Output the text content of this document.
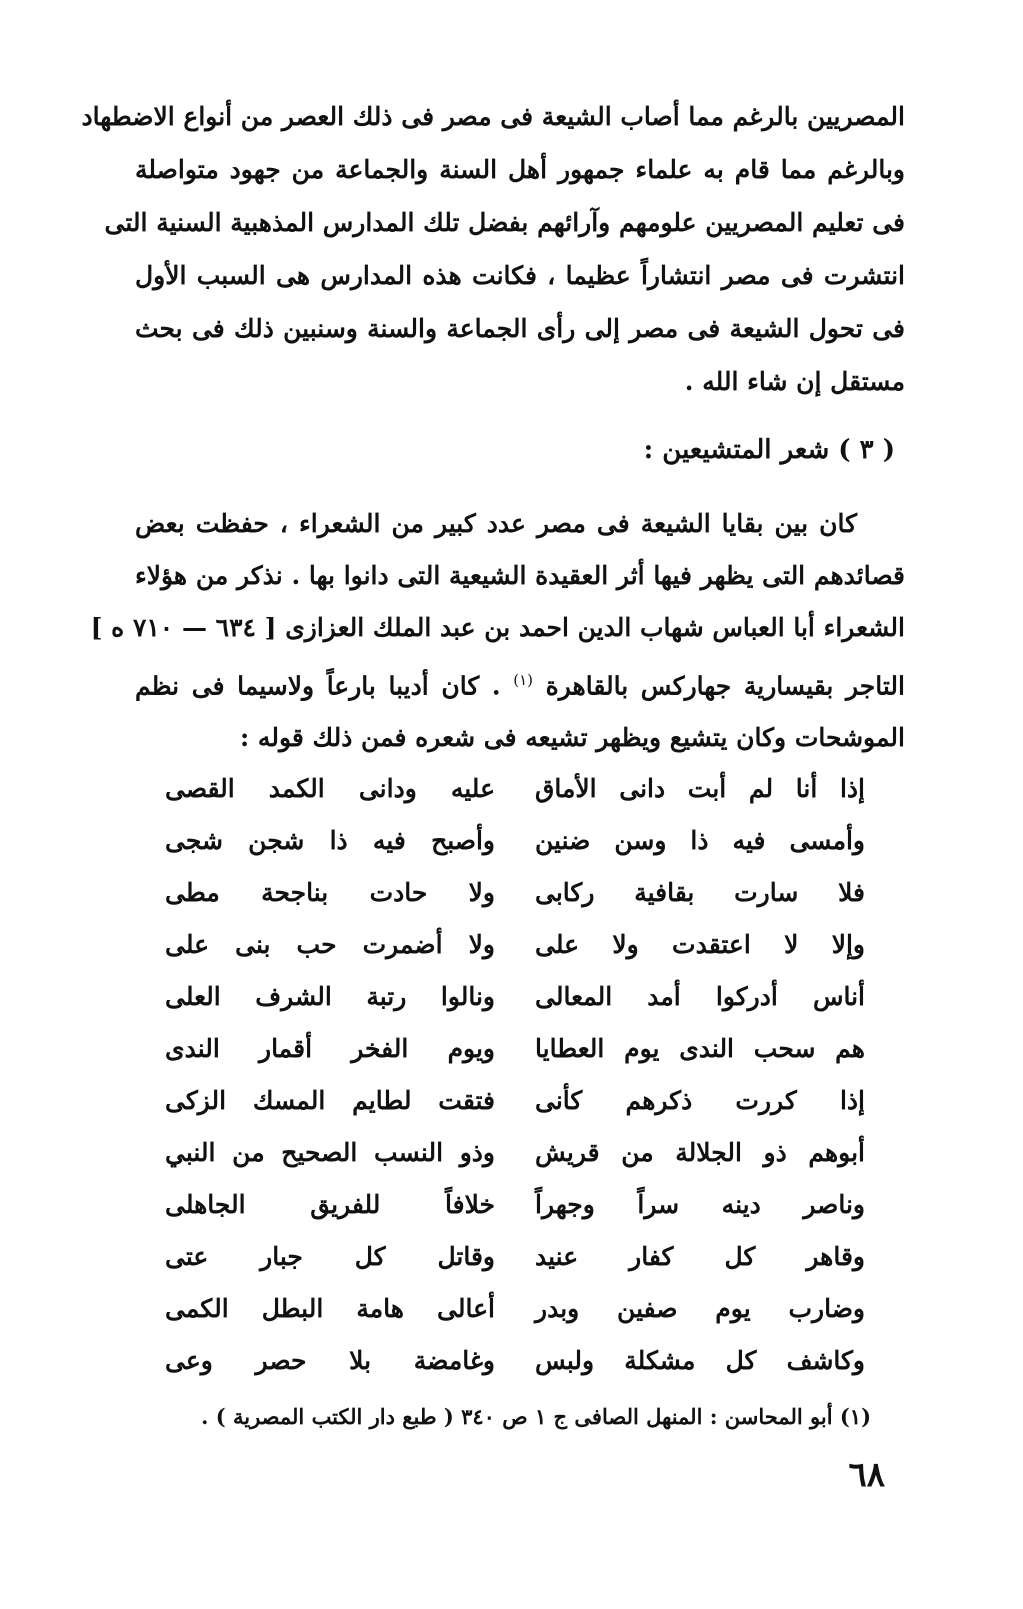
المصريين بالرغم مما أصاب الشيعة فى مصر فى ذلك العصر من أنواع الاضطهاد
وبالرغم مما قام به علماء جمهور أهل السنة والجماعة من جهود متواصلة
فى تعليم المصريين علومهم وآرائهم بفضل تلك المدارس المذهبية السنية التى
انتشرت فى مصر انتشاراً عظيما ، فكانت هذه المدارس هى السبب الأول
فى تحول الشيعة فى مصر إلى رأى الجماعة والسنة وسنبين ذلك فى بحث
مستقل إن شاء الله .
( ٣ ) شعر المتشيعين :
كان بين بقايا الشيعة فى مصر عدد كبير من الشعراء ، حفظت بعض
قصائدهم التى يظهر فيها أثر العقيدة الشيعية التى دانوا بها . نذكر من هؤلاء
الشعراء أبا العباس شهاب الدين احمد بن عبد الملك العزازى [ ٦٣٤ — ٧١٠ ه ]
التاجر بقيسارية جهاركس بالقاهرة $^{(١)}$ . كان أديبا بارعاً ولاسيما فى نظم
الموشحات وكان يتشيع ويظهر تشيعه فى شعره فمن ذلك قوله :
إذا أنا لم أبت دانى الأماق
عليه ودانى الكمد القصى
وأمسى فيه ذا وسن ضنين
وأصبح فيه ذا شجن شجى
فلا سارت بقافية ركابى
ولا حادت بناجحة مطى
وإلا لا اعتقدت ولا على
ولا أضمرت حب بنى على
أناس أدركوا أمد المعالى
ونالوا رتبة الشرف العلى
هم سحب الندى يوم العطايا
ويوم الفخر أقمار الندى
إذا كررت ذكرهم كأنى
فتقت لطايم المسك الزكى
أبوهم ذو الجلالة من قريش
وذو النسب الصحيح من النبي
وناصر دينه سراً وجهراً
خلافاً للفريق الجاهلى
وقاهر كل كفار عنيد
وقاتل كل جبار عتى
وضارب يوم صفين وبدر
أعالى هامة البطل الكمى
وكاشف كل مشكلة ولبس
وغامضة بلا حصر وعى
(١) أبو المحاسن : المنهل الصافى ج ١ ص ٣٤٠ ( طبع دار الكتب المصرية ) .
٦٨
